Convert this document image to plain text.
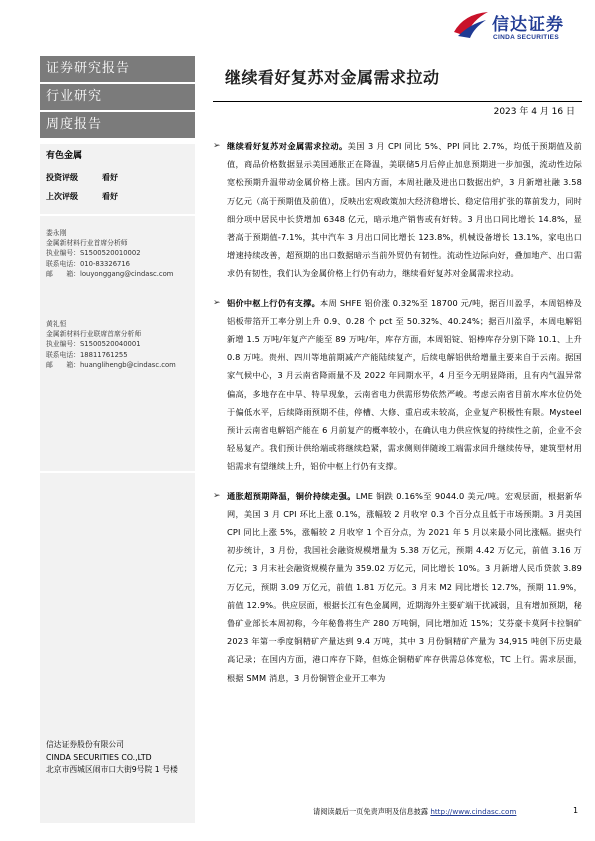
信达证券
CINDA SECURITIES
证券研究报告
行业研究
周度报告
有色金属
投资评级	看好
上次评级	看好
娄永刚
金属新材料行业首席分析师
执业编号：S1500520010002
联系电话：010-83326716
邮　　箱：louyonggang@cindasc.com
黄礼恒
金属新材料行业联席首席分析师
执业编号：S1500520040001
联系电话：18811761255
邮　　箱：huanglihengb@cindasc.com
信达证券股份有限公司
CINDA SECURITIES CO.,LTD
北京市西城区闹市口大街9号院 1 号楼
继续看好复苏对金属需求拉动
2023 年 4 月 16 日
➢ 继续看好复苏对金属需求拉动。美国 3 月 CPI 同比 5%、PPI 同比 2.7%，均低于预期值及前值，商品价格数据显示美国通胀正在降温，美联储5月后停止加息预期进一步加强，流动性边际宽松预期升温带动金属价格上涨。国内方面，本周社融及进出口数据出炉，3 月新增社融 3.58 万亿元（高于预期值及前值），反映出宏观政策加大经济稳增长、稳定信用扩张的靠前发力，同时细分项中居民中长贷增加 6348 亿元，暗示地产销售或有好转。3 月出口同比增长 14.8%，显著高于预期值-7.1%，其中汽车 3 月出口同比增长 123.8%，机械设备增长 13.1%，家电出口增速持续改善，超预期的出口数据暗示当前外贸仍有韧性。流动性边际向好，叠加地产、出口需求仍有韧性，我们认为金属价格上行仍有动力，继续看好复苏对金属需求拉动。

➢ 铝价中枢上行仍有支撑。本周 SHFE 铝价涨 0.32%至 18700 元/吨，据百川盈孚，本周铝棒及铝板带箔开工率分别上升 0.9、0.28 个 pct 至 50.32%、40.24%；据百川盈孚，本周电解铝新增 1.5 万吨/年复产产能至 89 万吨/年，库存方面，本周铝锭、铝棒库存分别下降 10.1、上升 0.8 万吨。贵州、四川等地前期减产产能陆续复产，后续电解铝供给增量主要来自于云南。据国家气候中心，3 月云南省降雨量不及 2022 年同期水平，4 月至今无明显降雨，且有内气温异常偏高，多地存在中旱、特旱现象，云南省电力供需形势依然严峻。考虑云南省目前水库水位仍处于偏低水平，后续降雨预期不佳，停槽、大修、重启或未较高，企业复产积极性有限。Mysteel 预计云南省电解铝产能在 6 月前复产的概率较小，在确认电力供应恢复的持续性之前，企业不会轻易复产。我们预计供给端或将继续趋紧，需求侧则伴随竣工端需求回升继续传导，建筑型材用铝需求有望继续上升，铝价中枢上行仍有支撑。

➢ 通胀超预期降温，铜价持续走强。LME 铜跌 0.16%至 9044.0 美元/吨。宏观层面，根据新华网，美国 3 月 CPI 环比上涨 0.1%，涨幅较 2 月收窄 0.3 个百分点且低于市场预期。3 月美国 CPI 同比上涨 5%，涨幅较 2 月收窄 1 个百分点，为 2021 年 5 月以来最小同比涨幅。据央行初步统计，3 月份，我国社会融资规模增量为 5.38 万亿元，预期 4.42 万亿元，前值 3.16 万亿元；3 月末社会融资规模存量为 359.02 万亿元，同比增长 10%。3 月新增人民币贷款 3.89 万亿元，预期 3.09 万亿元，前值 1.81 万亿元。3 月末 M2 同比增长 12.7%，预期 11.9%，前值 12.9%。供应层面，根据长江有色金属网，近期海外主要矿端干扰减弱，且有增加预期，秘鲁矿业部长本周初称，今年秘鲁将生产 280 万吨铜，同比增加近 15%；艾芬豪卡莫阿卡拉铜矿 2023 年第一季度铜精矿产量达到 9.4 万吨，其中 3 月份铜精矿产量为 34,915 吨创下历史最高记录；在国内方面，港口库存下降，但炼企铜精矿库存供需总体宽松，TC 上行。需求层面，根据 SMM 消息，3 月份铜管企业开工率为

请阅读最后一页免责声明及信息披露 http://www.cindasc.com	1
